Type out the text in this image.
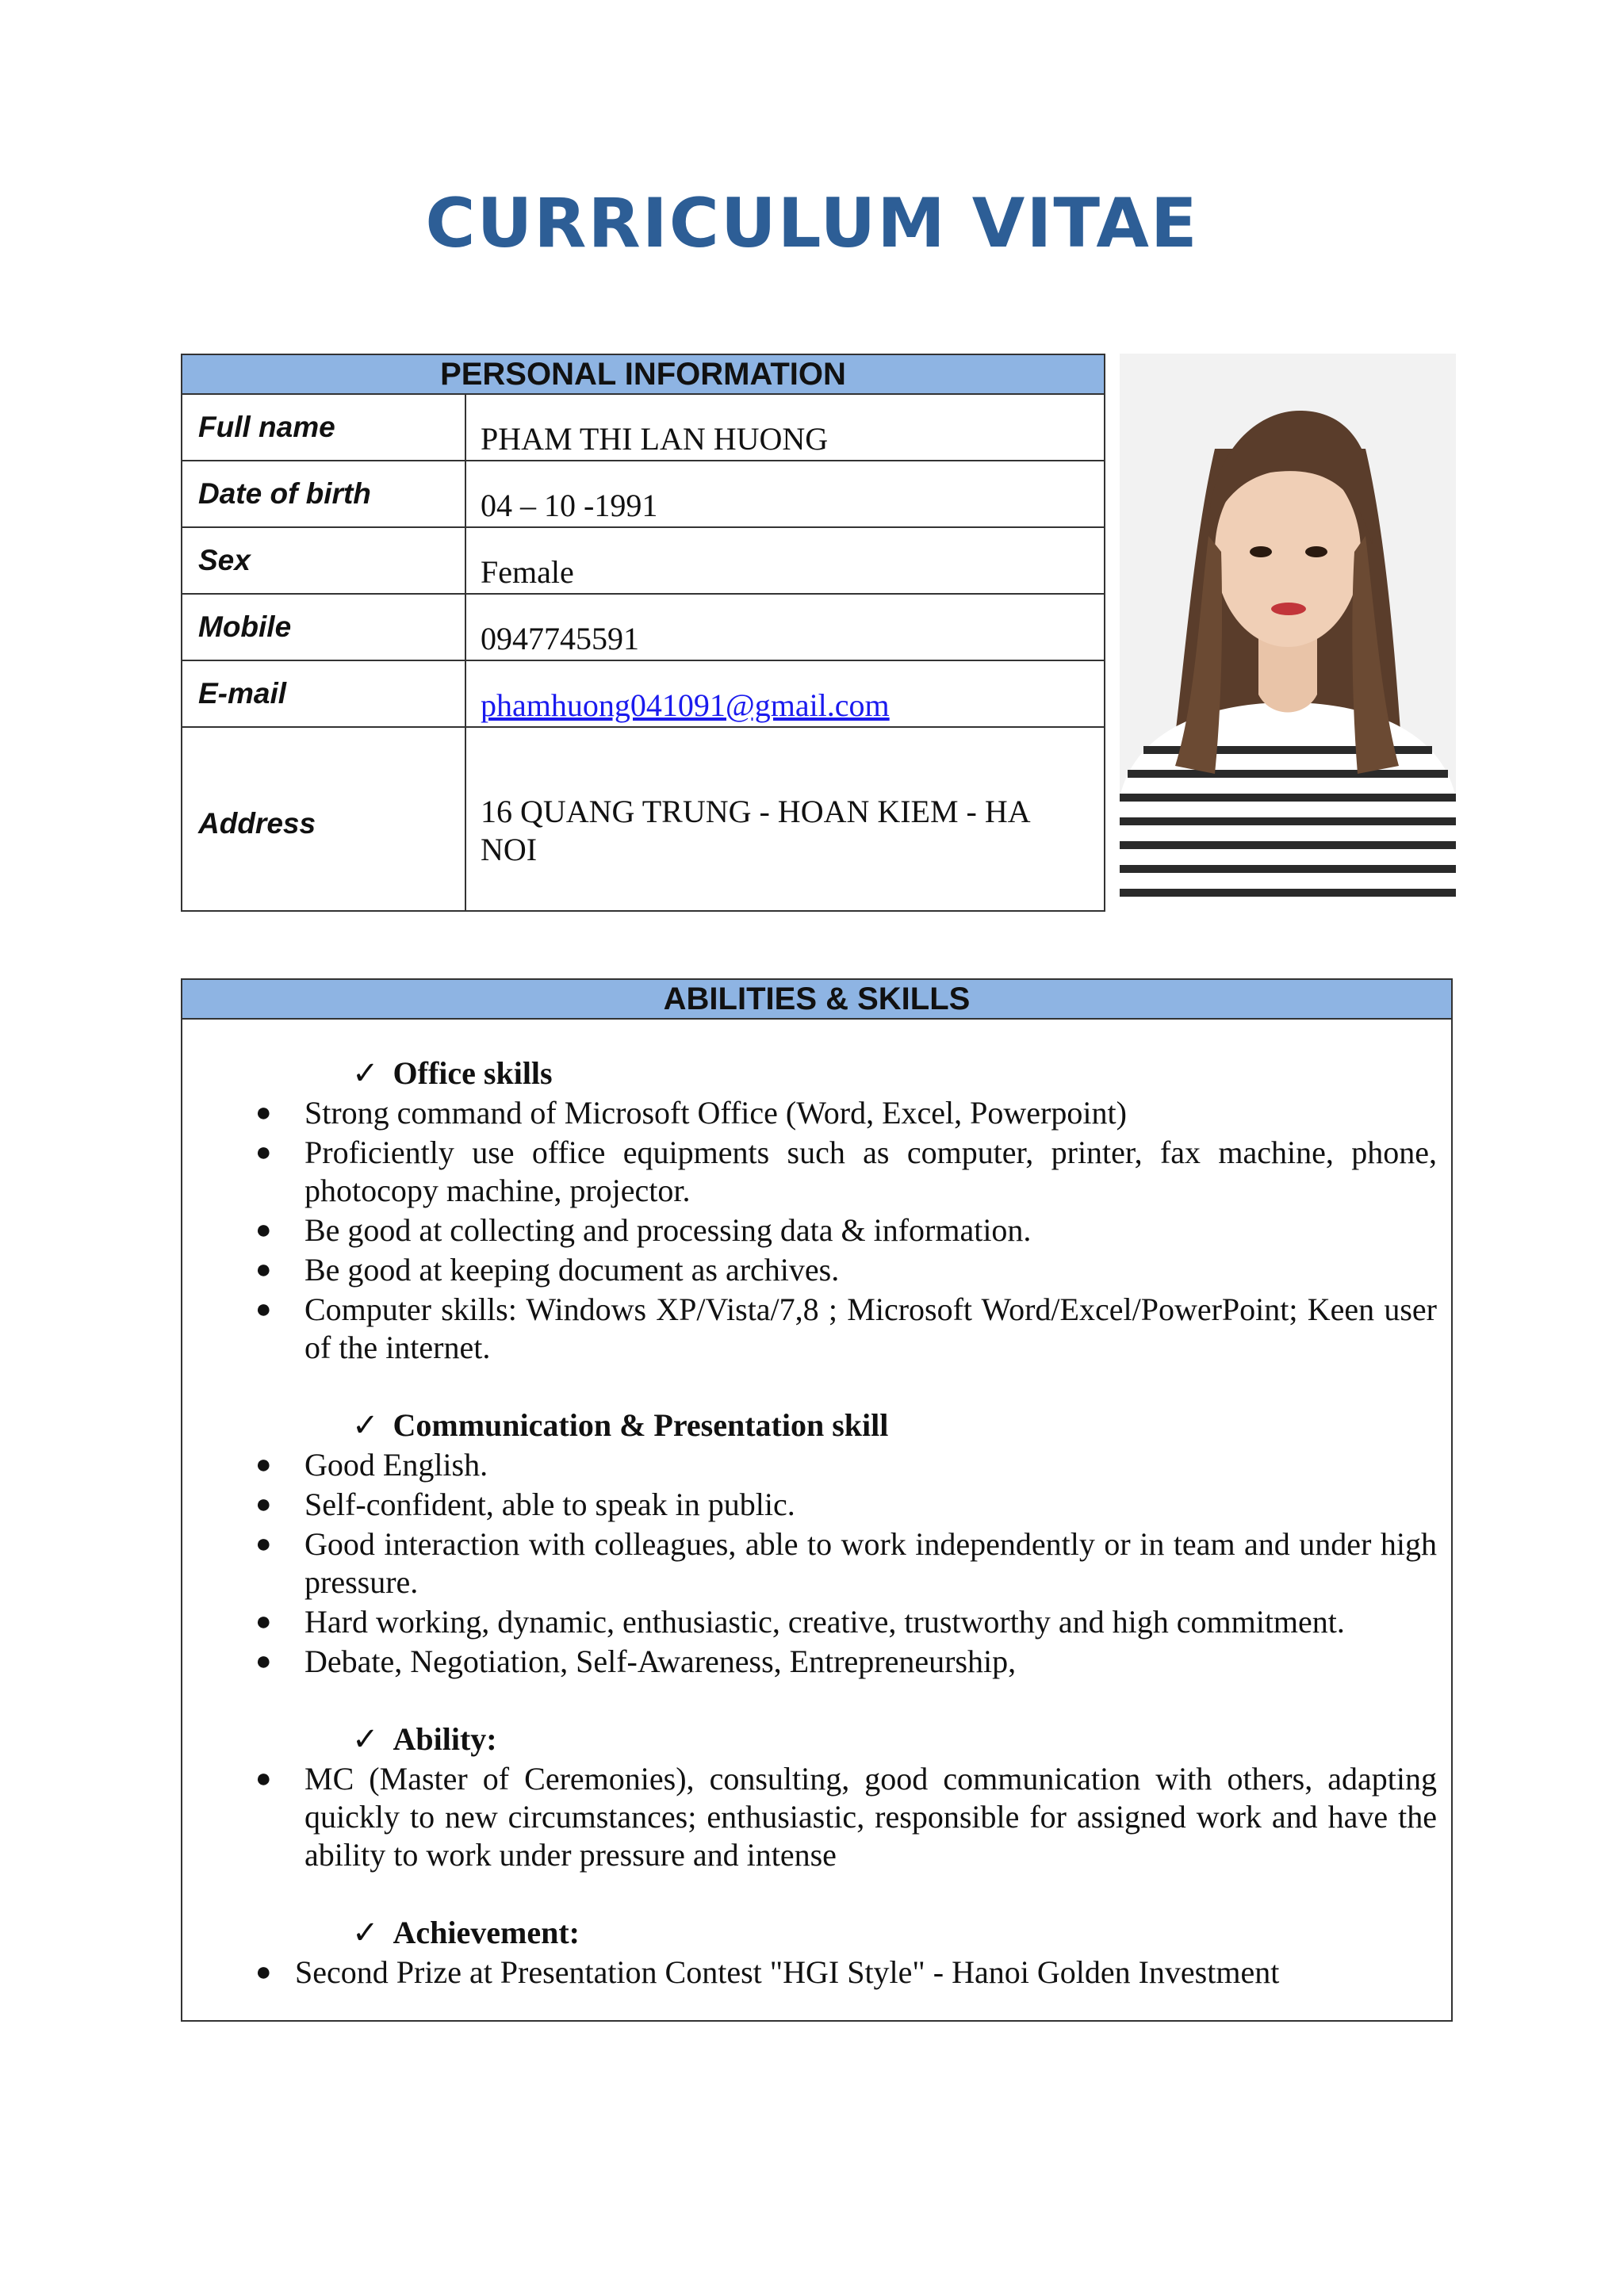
CURRICULUM VITAE
PERSONAL INFORMATION
Full name	PHAM THI LAN HUONG
Date of birth	04 – 10 -1991
Sex	Female
Mobile	0947745591
E-mail	phamhuong041091@gmail.com
Address	16 QUANG TRUNG - HOAN KIEM - HA NOI
ABILITIES & SKILLS
✓ Office skills
● Strong command of Microsoft Office (Word, Excel, Powerpoint)
● Proficiently use office equipments such as computer, printer, fax machine, phone, photocopy machine, projector.
● Be good at collecting and processing data & information.
● Be good at keeping document as archives.
● Computer skills: Windows XP/Vista/7,8 ; Microsoft Word/Excel/PowerPoint; Keen user of the internet.
✓ Communication & Presentation skill
● Good English.
● Self-confident, able to speak in public.
● Good interaction with colleagues, able to work independently or in team and under high pressure.
● Hard working, dynamic, enthusiastic, creative, trustworthy and high commitment.
● Debate, Negotiation, Self-Awareness, Entrepreneurship,
✓ Ability:
● MC (Master of Ceremonies), consulting, good communication with others, adapting quickly to new circumstances; enthusiastic, responsible for assigned work and have the ability to work under pressure and intense
✓ Achievement:
● Second Prize at Presentation Contest "HGI Style" - Hanoi Golden Investment
